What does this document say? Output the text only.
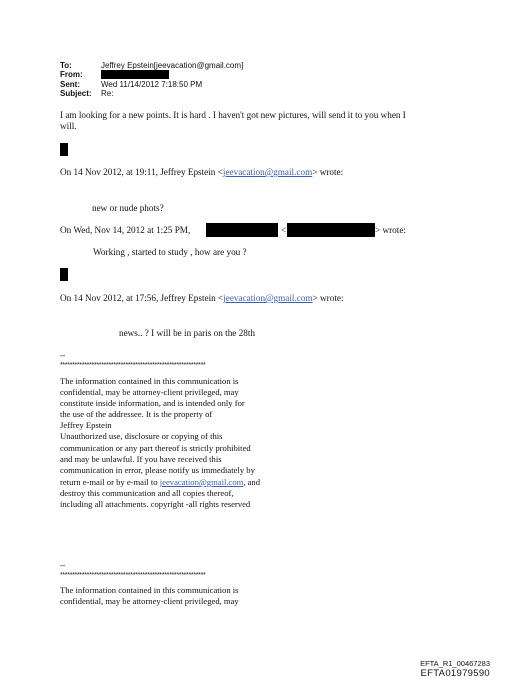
To:	Jeffrey Epstein[jeevacation@gmail.com]
From:
Sent:	Wed 11/14/2012 7:18:50 PM
Subject: Re:
I am looking for a new points. It is hard . I haven't got new pictures, will send it to you when I
will.
On 14 Nov 2012, at 19:11, Jeffrey Epstein <jeevacation@gmail.com> wrote:
new or nude phots?
On Wed, Nov 14, 2012 at 1:25 PM,	<	> wrote:
Working , started to study , how are you ?
On 14 Nov 2012, at 17:56, Jeffrey Epstein <jeevacation@gmail.com> wrote:
news.. ? I will be in paris on the 28th
--
************************************************************
The information contained in this communication is
confidential, may be attorney-client privileged, may
constitute inside information, and is intended only for
the use of the addressee. It is the property of
Jeffrey Epstein
Unauthorized use, disclosure or copying of this
communication or any part thereof is strictly prohibited
and may be unlawful. If you have received this
communication in error, please notify us immediately by
return e-mail or by e-mail to jeevacation@gmail.com, and
destroy this communication and all copies thereof,
including all attachments. copyright -all rights reserved
--
************************************************************
The information contained in this communication is
confidential, may be attorney-client privileged, may
EFTA_R1_00467283
EFTA01979590
